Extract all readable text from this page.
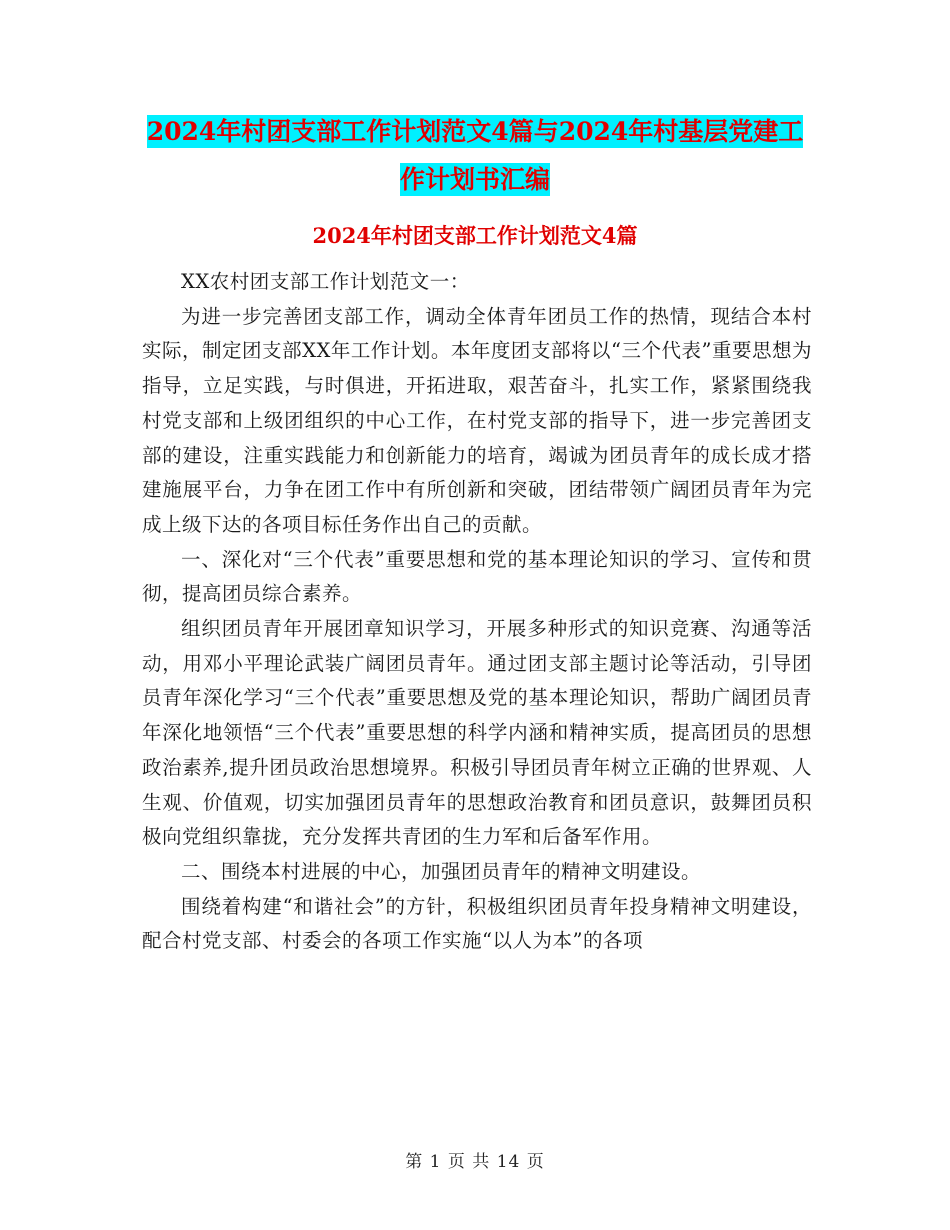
2024年村团支部工作计划范文4篇与2024年村基层党建工作计划书汇编
2024年村团支部工作计划范文4篇

XX农村团支部工作计划范文一：

为进一步完善团支部工作，调动全体青年团员工作的热情，现结合本村实际，制定团支部XX年工作计划。本年度团支部将以“三个代表”重要思想为指导，立足实践，与时俱进，开拓进取，艰苦奋斗，扎实工作，紧紧围绕我村党支部和上级团组织的中心工作，在村党支部的指导下，进一步完善团支部的建设，注重实践能力和创新能力的培育，竭诚为团员青年的成长成才搭建施展平台，力争在团工作中有所创新和突破，团结带领广阔团员青年为完成上级下达的各项目标任务作出自己的贡献。

一、深化对“三个代表”重要思想和党的基本理论知识的学习、宣传和贯彻，提高团员综合素养。

组织团员青年开展团章知识学习，开展多种形式的知识竞赛、沟通等活动，用邓小平理论武装广阔团员青年。通过团支部主题讨论等活动，引导团员青年深化学习“三个代表”重要思想及党的基本理论知识，帮助广阔团员青年深化地领悟“三个代表”重要思想的科学内涵和精神实质，提高团员的思想政治素养,提升团员政治思想境界。积极引导团员青年树立正确的世界观、人生观、价值观，切实加强团员青年的思想政治教育和团员意识，鼓舞团员积极向党组织靠拢，充分发挥共青团的生力军和后备军作用。

二、围绕本村进展的中心，加强团员青年的精神文明建设。

围绕着构建“和谐社会”的方针，积极组织团员青年投身精神文明建设，配合村党支部、村委会的各项工作实施“以人为本”的各项

第 1 页 共 14 页
